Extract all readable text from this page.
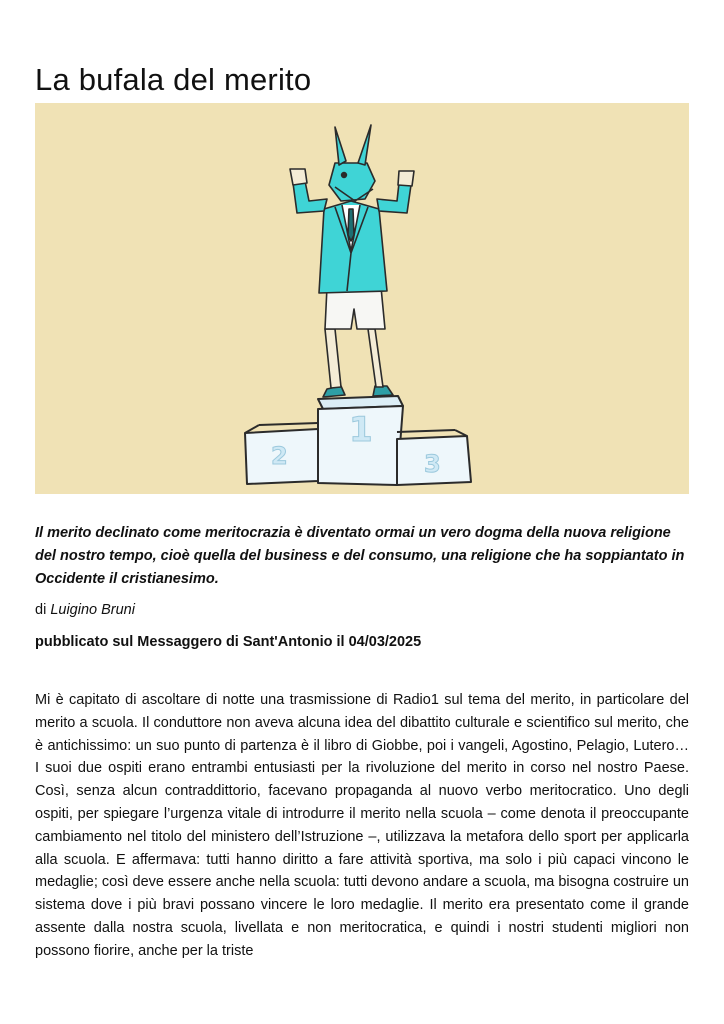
La bufala del merito
1
2	3

Il merito declinato come meritocrazia è diventato ormai un vero dogma della nuova religione del nostro tempo, cioè quella del business e del consumo, una religione che ha soppiantato in Occidente il cristianesimo.

di Luigino Bruni

pubblicato sul Messaggero di Sant'Antonio il 04/03/2025

Mi è capitato di ascoltare di notte una trasmissione di Radio1 sul tema del merito, in particolare del merito a scuola. Il conduttore non aveva alcuna idea del dibattito culturale e scientifico sul merito, che è antichissimo: un suo punto di partenza è il libro di Giobbe, poi i vangeli, Agostino, Pelagio, Lutero… I suoi due ospiti erano entrambi entusiasti per la rivoluzione del merito in corso nel nostro Paese. Così, senza alcun contraddittorio, facevano propaganda al nuovo verbo meritocratico. Uno degli ospiti, per spiegare l’urgenza vitale di introdurre il merito nella scuola – come denota il preoccupante cambiamento nel titolo del ministero dell’Istruzione –, utilizzava la metafora dello sport per applicarla alla scuola. E affermava: tutti hanno diritto a fare attività sportiva, ma solo i più capaci vincono le medaglie; così deve essere anche nella scuola: tutti devono andare a scuola, ma bisogna costruire un sistema dove i più bravi possano vincere le loro medaglie. Il merito era presentato come il grande assente dalla nostra scuola, livellata e non meritocratica, e quindi i nostri studenti migliori non possono fiorire, anche per la triste
